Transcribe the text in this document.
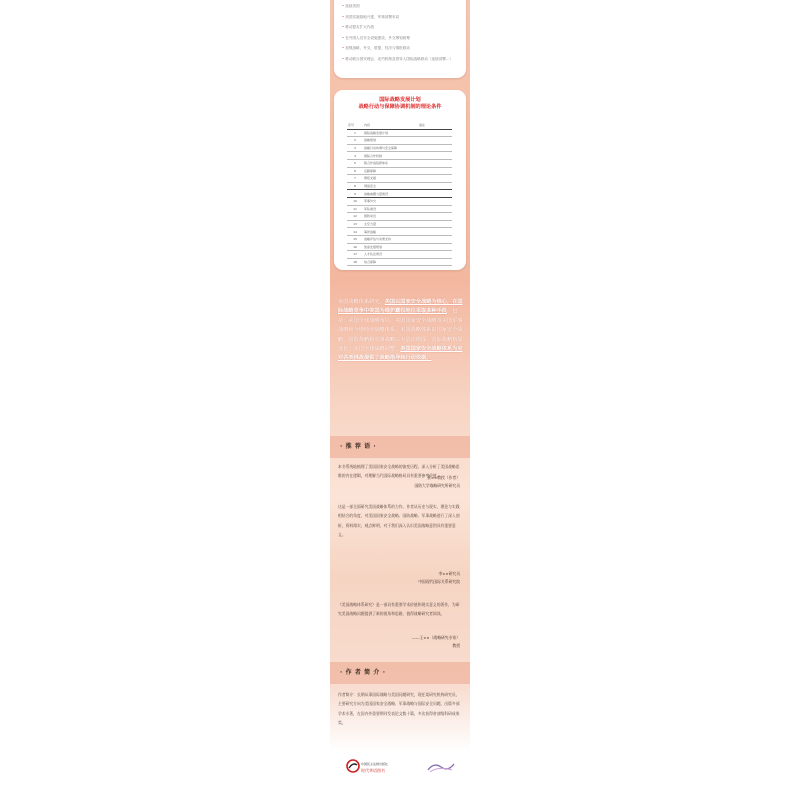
• 延续美国
• 美国实施基地兴建，军事部署布局
• 推动盟友扩大作战
• 在外国人员安全设施建设，外交筹划统筹
• 加强战略，外交、联盟、经济与情报联动
• 推动联合国安理会、北约机制及领导人国际战略联动（延续部署…）
国际战略发展计划
战略行动与保障协调机制的理论条件
序号	内容	备注
1	国际战略发展计划	
2	战略规划	
3	战略行动协调与安全保障	
4	国际合作机制	
5	联合作战指挥体系	
6	后勤保障	
7	情报支援	
8	网络安全	
9	战略威慑力量建设	
10	军事外交	
11	军队建设	
12	国防动员	
13	太空力量	
14	海洋战略	
15	战略评估与决策支持	
16	装备发展规划	
17	人才队伍建设	
18	综合保障	
美国战略体系研究，美国以国家安全战略为核心，在国际战略竞争中美国为维护霸权地位采取多种手段，包括：美国全球战略布局、美国国家安全战略及美国军事战略和全球经济战略体系。美国战略体系由国家安全战略、国防战略和军事战略三大层次组成。国际战略格局变化，美国全球战略调整，美国国家安全战略体系为应对各类挑战提供了战略指导和行动依据。
· 推 荐 语 ·
本书系统地梳理了美国国家安全战略的演变历程，深入分析了美国战略思维的内在逻辑，对理解当代国际战略格局具有重要参考价值。
张××教授（作者）
国防大学战略研究所研究员
这是一部全面研究美国战略体系的力作。作者从历史与现实、理论与实践相结合的角度，对美国国家安全战略、国防战略、军事战略进行了深入剖析，资料翔实，观点鲜明，对于我们深入认识美国战略意图具有重要意义。
李××研究员
中国现代国际关系研究院
《美国战略体系研究》是一部具有重要学术价值和现实意义的著作，为研究美国战略问题提供了新的视角和思路，值得战略研究者阅读。
——王××（战略研究专家）
教授
· 作 者 简 介 ·
作者简介：长期从事国际战略与美国问题研究，现任某研究机构研究员，主要研究方向为美国国家安全战略、军事战略与国际安全问题。出版多部学术专著，在国内外重要期刊发表论文数十篇，多次获得省部级科研成果奖。
中国民主法制出版社
时代华语图书
